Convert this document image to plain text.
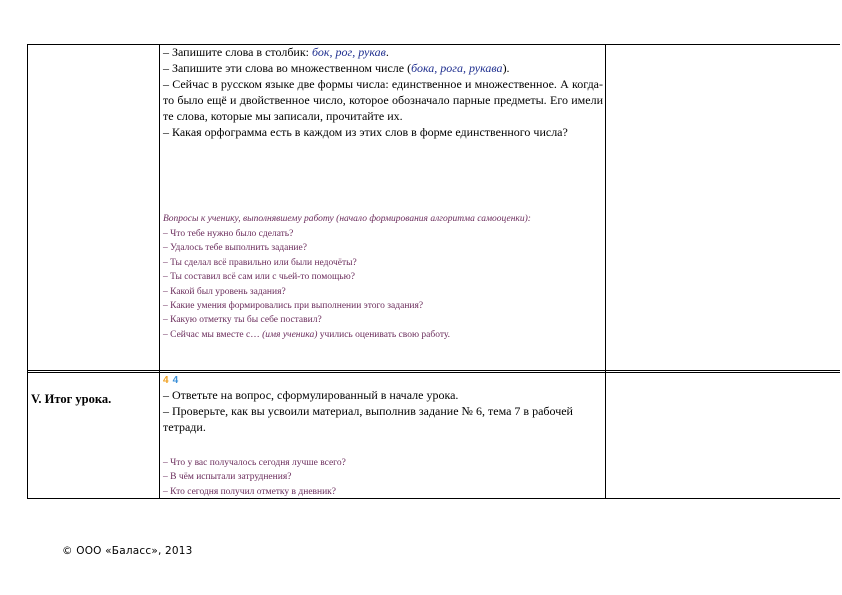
– Запишите слова в столбик: бок, рог, рукав.

– Запишите эти слова во множественном числе (бока, рога, рукава).

– Сейчас в русском языке две формы числа: единственное и множественное. А когда-то было ещё и двойственное число, которое обозначало парные предметы. Его имели те слова, которые мы записали, прочитайте их.

– Какая орфограмма есть в каждом из этих слов в форме единственного числа?

Вопросы к ученику, выполнявшему работу (начало формирования алгоритма самооценки):

– Что тебе нужно было сделать?

– Удалось тебе выполнить задание?

– Ты сделал всё правильно или были недочёты?

– Ты составил всё сам или с чьей-то помощью?

– Какой был уровень задания?

– Какие умения формировались при выполнении этого задания?

– Какую отметку ты бы себе поставил?

– Сейчас мы вместе с… (имя ученика) учились оценивать свою работу.

V. Итог урока.
4 4

– Ответьте на вопрос, сформулированный в начале урока.

– Проверьте, как вы усвоили материал, выполнив задание № 6, тема 7 в рабочей тетради.

– Что у вас получалось сегодня лучше всего?

– В чём испытали затруднения?

– Кто сегодня получил отметку в дневник?

© ООО «Баласс», 2013
